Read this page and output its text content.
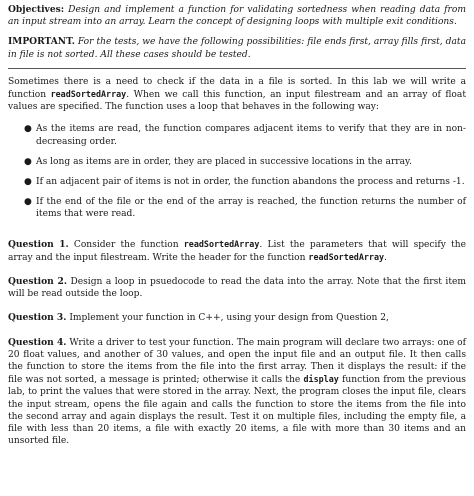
Objectives: Design and implement a function for validating sortedness when reading data from an input stream into an array. Learn the concept of designing loops with multiple exit conditions.

IMPORTANT. For the tests, we have the following possibilities: file ends first, array fills first, data in file is not sorted. All these cases should be tested.

Sometimes there is a need to check if the data in a file is sorted. In this lab we will write a function readSortedArray. When we call this function, an input filestream and an array of float values are specified. The function uses a loop that behaves in the following way:

● As the items are read, the function compares adjacent items to verify that they are in non-decreasing order.
● As long as items are in order, they are placed in successive locations in the array.
● If an adjacent pair of items is not in order, the function abandons the process and returns -1.
● If the end of the file or the end of the array is reached, the function returns the number of items that were read.

Question 1. Consider the function readSortedArray. List the parameters that will specify the array and the input filestream. Write the header for the function readSortedArray.

Question 2. Design a loop in psuedocode to read the data into the array. Note that the first item will be read outside the loop.

Question 3. Implement your function in C++, using your design from Question 2,

Question 4. Write a driver to test your function. The main program will declare two arrays: one of 20 float values, and another of 30 values, and open the input file and an output file. It then calls the function to store the items from the file into the first array. Then it displays the result: if the file was not sorted, a message is printed; otherwise it calls the display function from the previous lab, to print the values that were stored in the array. Next, the program closes the input file, clears the input stream, opens the file again and calls the function to store the items from the file into the second array and again displays the result. Test it on multiple files, including the empty file, a file with less than 20 items, a file with exactly 20 items, a file with more than 30 items and an unsorted file.
